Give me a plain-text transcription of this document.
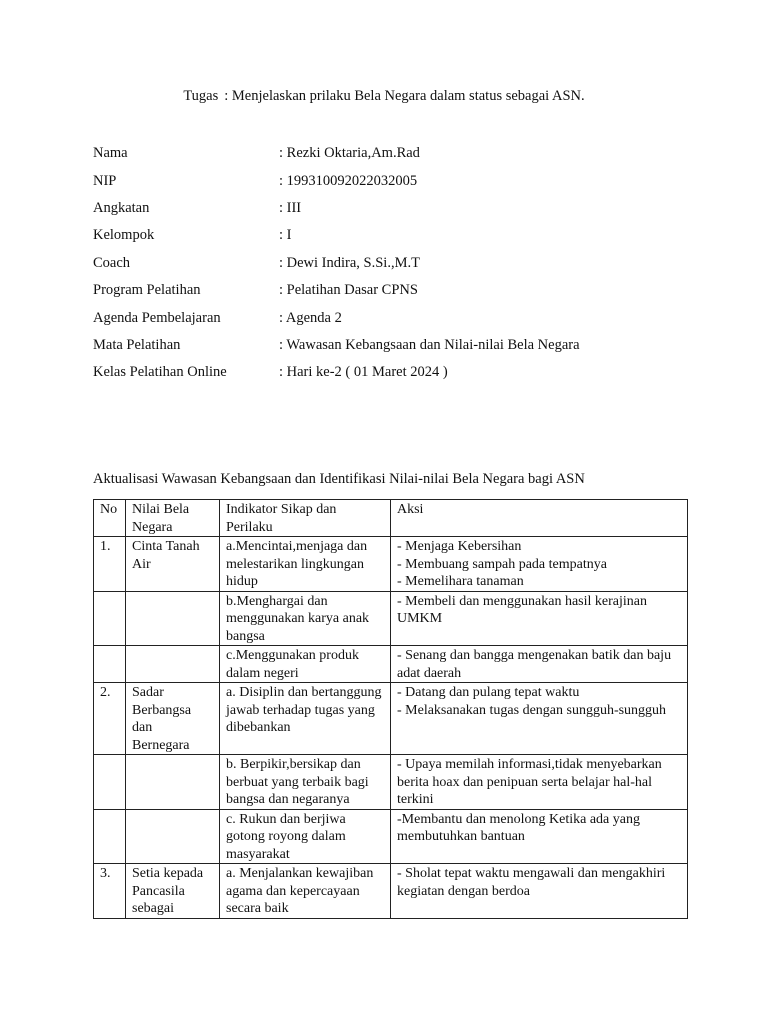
Tugas : Menjelaskan prilaku Bela Negara dalam status sebagai ASN.
Nama	: Rezki Oktaria,Am.Rad
NIP	: 199310092022032005
Angkatan	: III
Kelompok	: I
Coach	: Dewi Indira, S.Si.,M.T
Program Pelatihan	: Pelatihan Dasar CPNS
Agenda Pembelajaran	: Agenda 2
Mata Pelatihan	: Wawasan Kebangsaan dan Nilai-nilai Bela Negara
Kelas Pelatihan Online	: Hari ke-2 ( 01 Maret 2024 )
Aktualisasi Wawasan Kebangsaan dan Identifikasi Nilai-nilai Bela Negara bagi ASN
No	Nilai Bela Negara	Indikator Sikap dan Perilaku	Aksi
1.	Cinta Tanah Air	a.Mencintai,menjaga dan melestarikan lingkungan hidup	- Menjaga Kebersihan
- Membuang sampah pada tempatnya
- Memelihara tanaman

		b.Menghargai dan menggunakan karya anak bangsa	- Membeli dan menggunakan hasil kerajinan UMKM

		c.Menggunakan produk dalam negeri	- Senang dan bangga mengenakan batik dan baju adat daerah

2.	Sadar Berbangsa dan Bernegara	a. Disiplin dan bertanggung jawab terhadap tugas yang dibebankan	- Datang dan pulang tepat waktu
- Melaksanakan tugas dengan sungguh-sungguh

		b. Berpikir,bersikap dan berbuat yang terbaik bagi bangsa dan negaranya	- Upaya memilah informasi,tidak menyebarkan berita hoax dan penipuan serta belajar hal-hal terkini

		c. Rukun dan berjiwa gotong royong dalam masyarakat	-Membantu dan menolong Ketika ada yang membutuhkan bantuan

3.	Setia kepada Pancasila sebagai	a. Menjalankan kewajiban agama dan kepercayaan secara baik	- Sholat tepat waktu mengawali dan mengakhiri kegiatan dengan berdoa
